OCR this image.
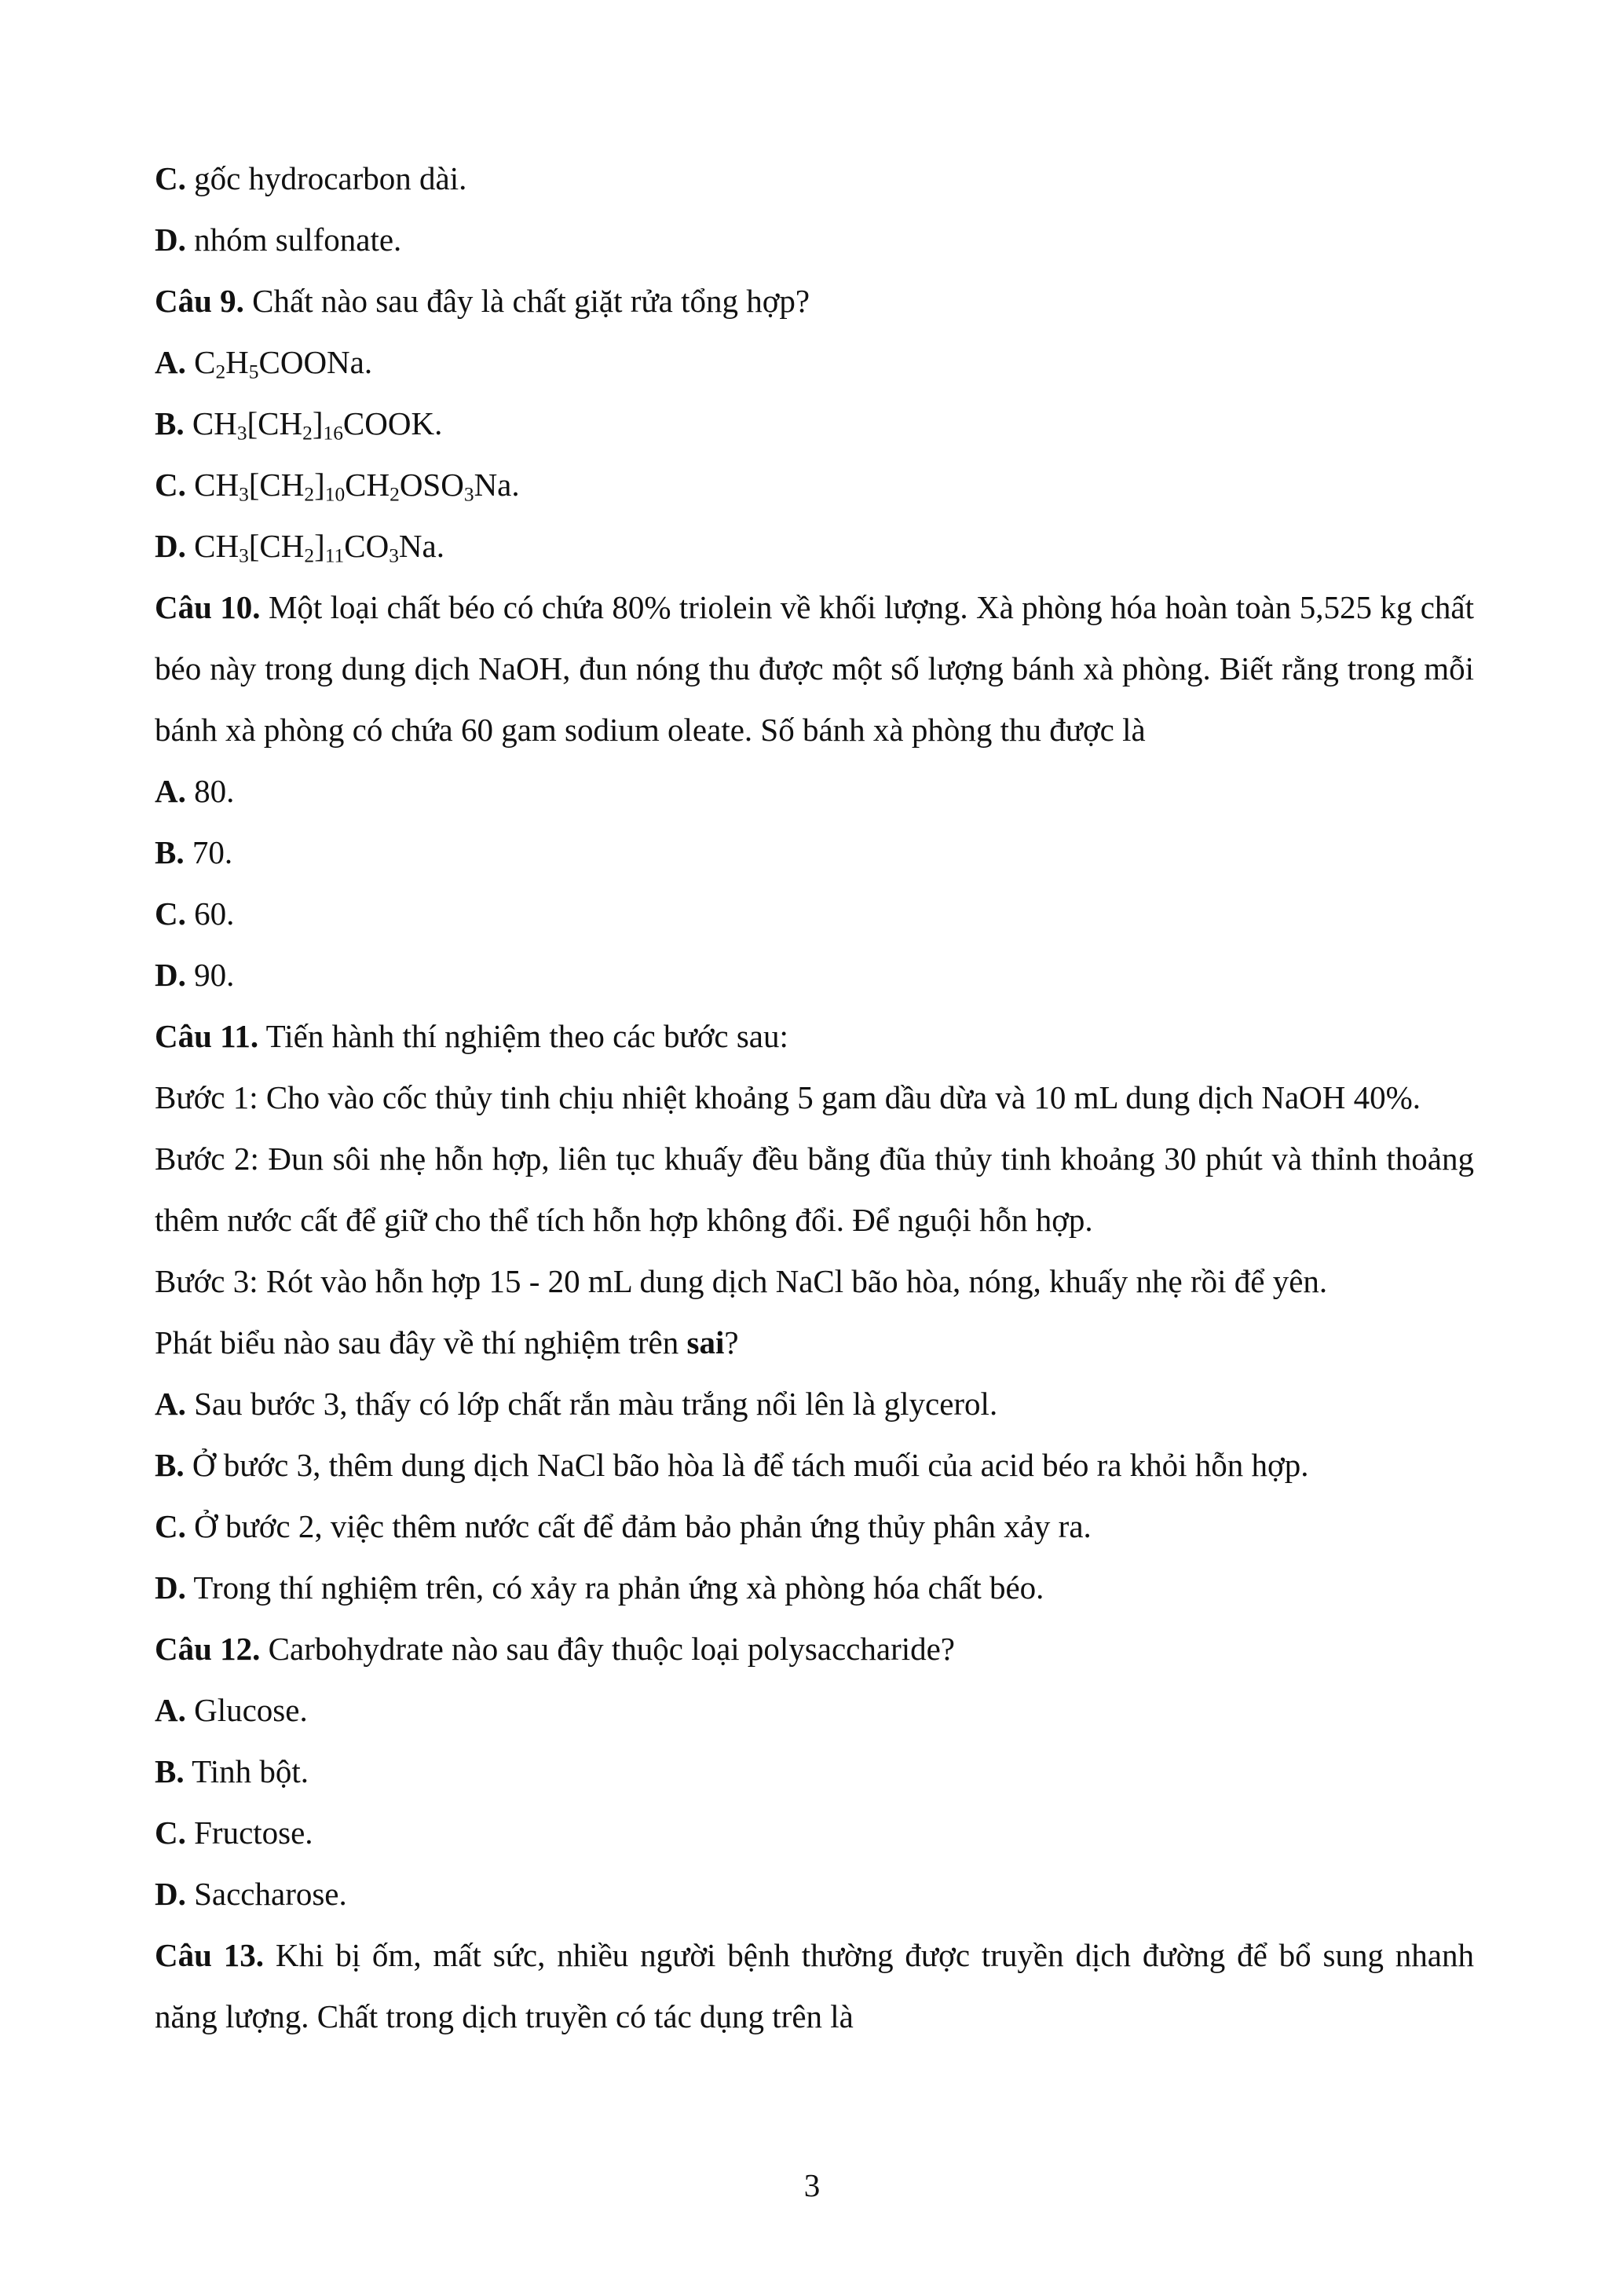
C. gốc hydrocarbon dài.

D. nhóm sulfonate.

Câu 9. Chất nào sau đây là chất giặt rửa tổng hợp?

A. $C_2H_5COONa$.

B. $CH_3[CH_2]_{16}COOK$.

C. $CH_3[CH_2]_{10}CH_2OSO_3Na$.

D. $CH_3[CH_2]_{11}CO_3Na$.

Câu 10. Một loại chất béo có chứa 80% triolein về khối lượng. Xà phòng hóa hoàn toàn 5,525 kg chất béo này trong dung dịch NaOH, đun nóng thu được một số lượng bánh xà phòng. Biết rằng trong mỗi bánh xà phòng có chứa 60 gam sodium oleate. Số bánh xà phòng thu được là

A. 80.

B. 70.

C. 60.

D. 90.

Câu 11. Tiến hành thí nghiệm theo các bước sau:

Bước 1: Cho vào cốc thủy tinh chịu nhiệt khoảng 5 gam dầu dừa và 10 mL dung dịch NaOH 40%.

Bước 2: Đun sôi nhẹ hỗn hợp, liên tục khuấy đều bằng đũa thủy tinh khoảng 30 phút và thỉnh thoảng thêm nước cất để giữ cho thể tích hỗn hợp không đổi. Để nguội hỗn hợp.

Bước 3: Rót vào hỗn hợp 15 - 20 mL dung dịch NaCl bão hòa, nóng, khuấy nhẹ rồi để yên.

Phát biểu nào sau đây về thí nghiệm trên sai?

A. Sau bước 3, thấy có lớp chất rắn màu trắng nổi lên là glycerol.

B. Ở bước 3, thêm dung dịch NaCl bão hòa là để tách muối của acid béo ra khỏi hỗn hợp.

C. Ở bước 2, việc thêm nước cất để đảm bảo phản ứng thủy phân xảy ra.

D. Trong thí nghiệm trên, có xảy ra phản ứng xà phòng hóa chất béo.

Câu 12. Carbohydrate nào sau đây thuộc loại polysaccharide?

A. Glucose.

B. Tinh bột.

C. Fructose.

D. Saccharose.

Câu 13. Khi bị ốm, mất sức, nhiều người bệnh thường được truyền dịch đường để bổ sung nhanh năng lượng. Chất trong dịch truyền có tác dụng trên là

3
